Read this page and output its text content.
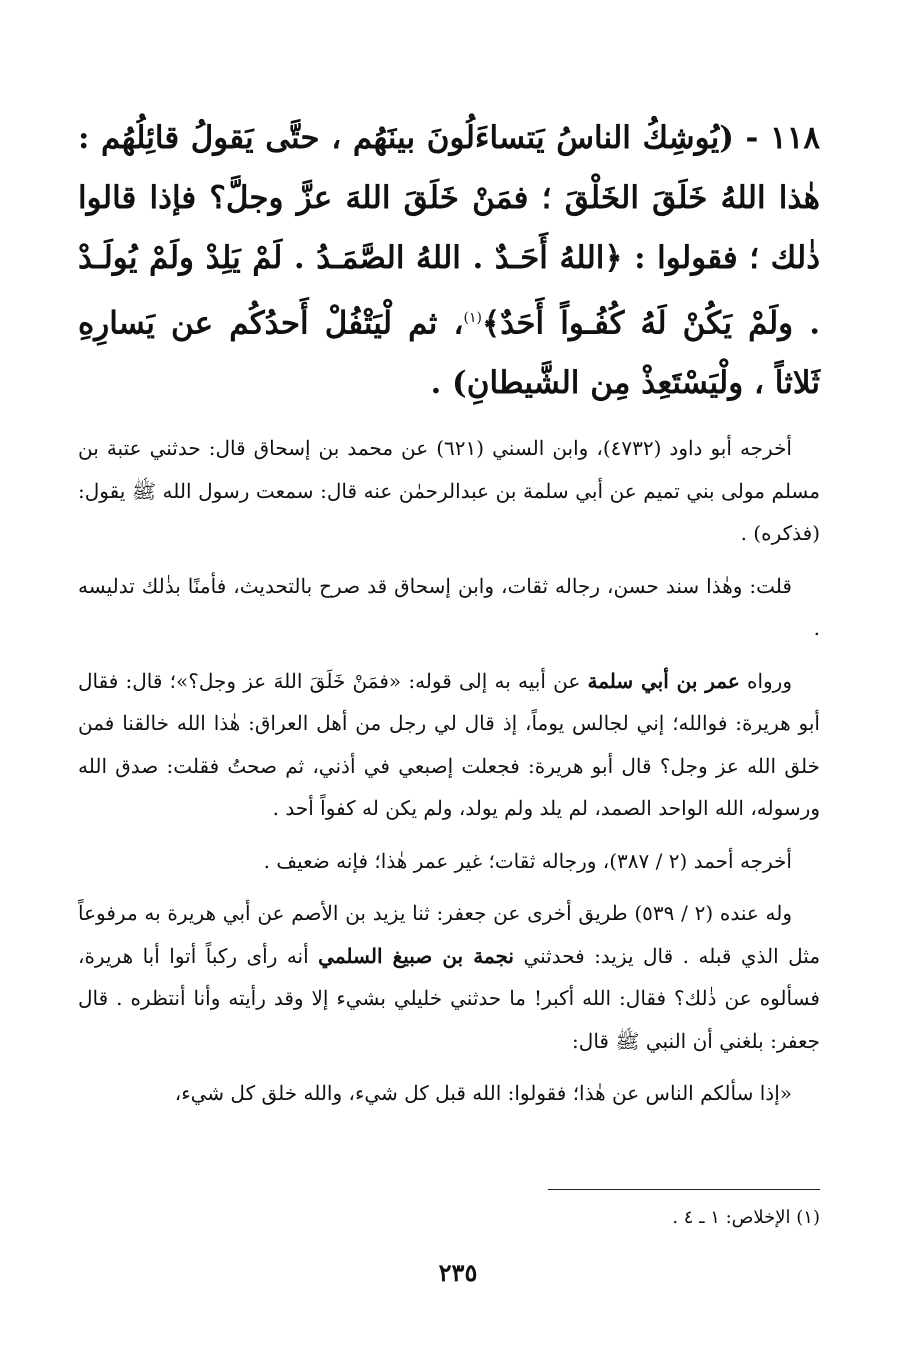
١١٨ - (يُوشِكُ الناسُ يَتساءَلُونَ بينَهُم ، حتَّى يَقولُ قائِلُهُم : هٰذا اللهُ خَلَقَ الخَلْقَ ؛ فمَنْ خَلَقَ اللهَ عزَّ وجلَّ؟ فإذا قالوا ذٰلك ؛ فقولوا : ﴿اللهُ أَحَـدٌ . اللهُ الصَّمَـدُ . لَمْ يَلِدْ ولَمْ يُولَـدْ . ولَمْ يَكُنْ لَهُ كُفُـواً أَحَدٌ﴾$^{(١)}$، ثم لْيَتْفُلْ أَحدُكُم عن يَسارِهِ ثَلاثاً ، ولْيَسْتَعِذْ مِن الشَّيطانِ) .

أخرجه أبو داود (٤٧٣٢)، وابن السني (٦٢١) عن محمد بن إسحاق قال: حدثني عتبة بن مسلم مولى بني تميم عن أبي سلمة بن عبدالرحمٰن عنه قال: سمعت رسول الله ﷺ يقول: (فذكره) .

قلت: وهٰذا سند حسن، رجاله ثقات، وابن إسحاق قد صرح بالتحديث، فأمنًا بذٰلك تدليسه .

ورواه عمر بن أبي سلمة عن أبيه به إلى قوله: «فمَنْ خَلَقَ اللهَ عز وجل؟»؛ قال: فقال أبو هريرة: فوالله؛ إني لجالس يوماً، إذ قال لي رجل من أهل العراق: هٰذا الله خالقنا فمن خلق الله عز وجل؟ قال أبو هريرة: فجعلت إصبعي في أذني، ثم صحتُ فقلت: صدق الله ورسوله، الله الواحد الصمد، لم يلد ولم يولد، ولم يكن له كفواً أحد .

أخرجه أحمد (٢ / ٣٨٧)، ورجاله ثقات؛ غير عمر هٰذا؛ فإنه ضعيف .

وله عنده (٢ / ٥٣٩) طريق أخرى عن جعفر: ثنا يزيد بن الأصم عن أبي هريرة به مرفوعاً مثل الذي قبله . قال يزيد: فحدثني نجمة بن صبيغ السلمي أنه رأى ركباً أتوا أبا هريرة، فسألوه عن ذٰلك؟ فقال: الله أكبر! ما حدثني خليلي بشيء إلا وقد رأيته وأنا أنتظره . قال جعفر: بلغني أن النبي ﷺ قال:

«إذا سألكم الناس عن هٰذا؛ فقولوا: الله قبل كل شيء، والله خلق كل شيء،

(١) الإخلاص: ١ ـ ٤ .
٢٣٥
